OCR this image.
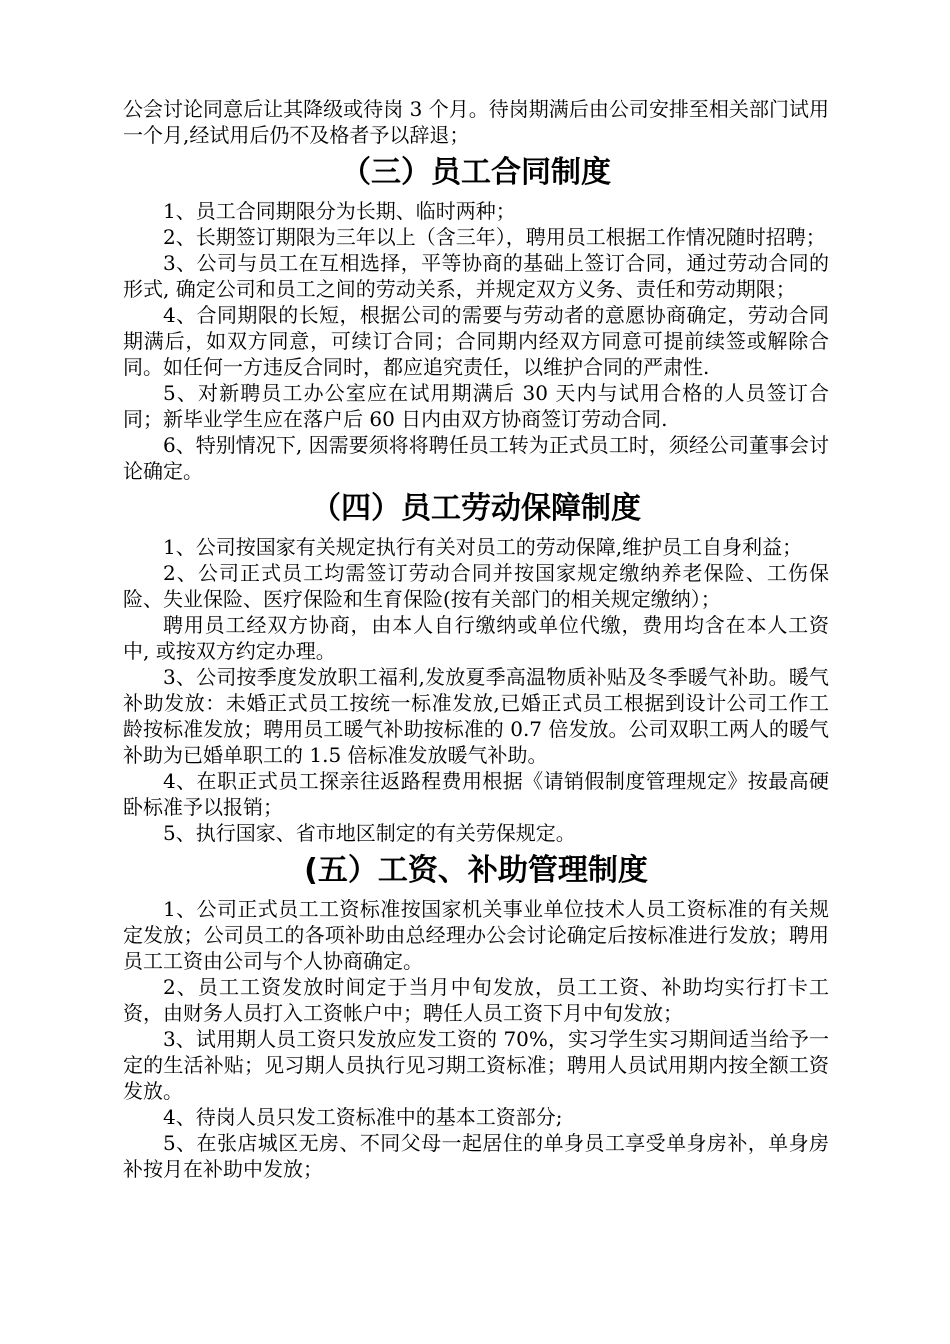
公会讨论同意后让其降级或待岗 3 个月。待岗期满后由公司安排至相关部门试用一个月,经试用后仍不及格者予以辞退；

（三）员工合同制度

1、员工合同期限分为长期、临时两种；

2、长期签订期限为三年以上（含三年），聘用员工根据工作情况随时招聘；

3、公司与员工在互相选择，平等协商的基础上签订合同，通过劳动合同的形式, 确定公司和员工之间的劳动关系，并规定双方义务、责任和劳动期限；

4、合同期限的长短，根据公司的需要与劳动者的意愿协商确定，劳动合同期满后，如双方同意，可续订合同；合同期内经双方同意可提前续签或解除合同。如任何一方违反合同时，都应追究责任，以维护合同的严肃性.

5、对新聘员工办公室应在试用期满后 30 天内与试用合格的人员签订合同；新毕业学生应在落户后 60 日内由双方协商签订劳动合同.

6、特别情况下, 因需要须将将聘任员工转为正式员工时，须经公司董事会讨论确定。

（四）员工劳动保障制度

1、公司按国家有关规定执行有关对员工的劳动保障,维护员工自身利益；

2、公司正式员工均需签订劳动合同并按国家规定缴纳养老保险、工伤保险、失业保险、医疗保险和生育保险(按有关部门的相关规定缴纳）；

聘用员工经双方协商，由本人自行缴纳或单位代缴，费用均含在本人工资中, 或按双方约定办理。

3、公司按季度发放职工福利,发放夏季高温物质补贴及冬季暖气补助。暖气补助发放：未婚正式员工按统一标准发放,已婚正式员工根据到设计公司工作工龄按标准发放；聘用员工暖气补助按标准的 0.7 倍发放。公司双职工两人的暖气补助为已婚单职工的 1.5 倍标准发放暖气补助。

4、在职正式员工探亲往返路程费用根据《请销假制度管理规定》按最高硬卧标准予以报销；

5、执行国家、省市地区制定的有关劳保规定。

(五）工资、补助管理制度

1、公司正式员工工资标准按国家机关事业单位技术人员工资标准的有关规定发放；公司员工的各项补助由总经理办公会讨论确定后按标准进行发放；聘用员工工资由公司与个人协商确定。

2、员工工资发放时间定于当月中旬发放，员工工资、补助均实行打卡工资，由财务人员打入工资帐户中；聘任人员工资下月中旬发放；

3、试用期人员工资只发放应发工资的 70%，实习学生实习期间适当给予一定的生活补贴；见习期人员执行见习期工资标准；聘用人员试用期内按全额工资发放。

4、待岗人员只发工资标准中的基本工资部分;

5、在张店城区无房、不同父母一起居住的单身员工享受单身房补，单身房补按月在补助中发放；
